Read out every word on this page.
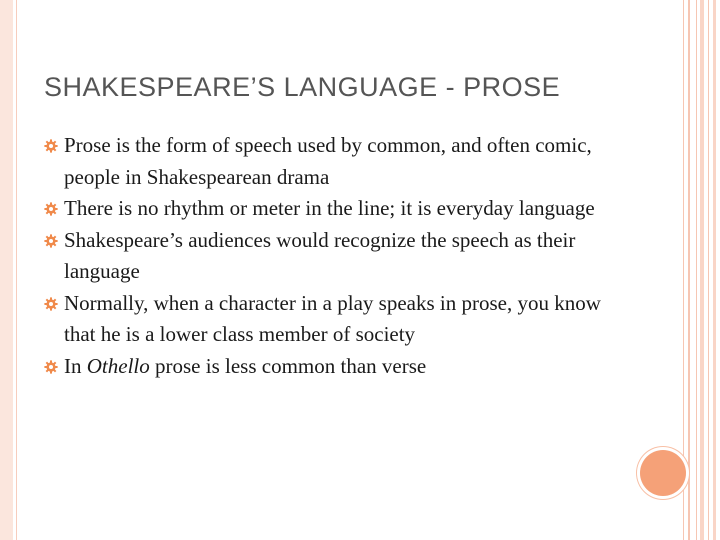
SHAKESPEARE’S LANGUAGE - PROSE
Prose is the form of speech used by common, and often comic, people in Shakespearean drama
There is no rhythm or meter in the line; it is everyday language
Shakespeare’s audiences would recognize the speech as their language
Normally, when a character in a play speaks in prose, you know that he is a lower class member of society
In Othello prose is less common than verse
